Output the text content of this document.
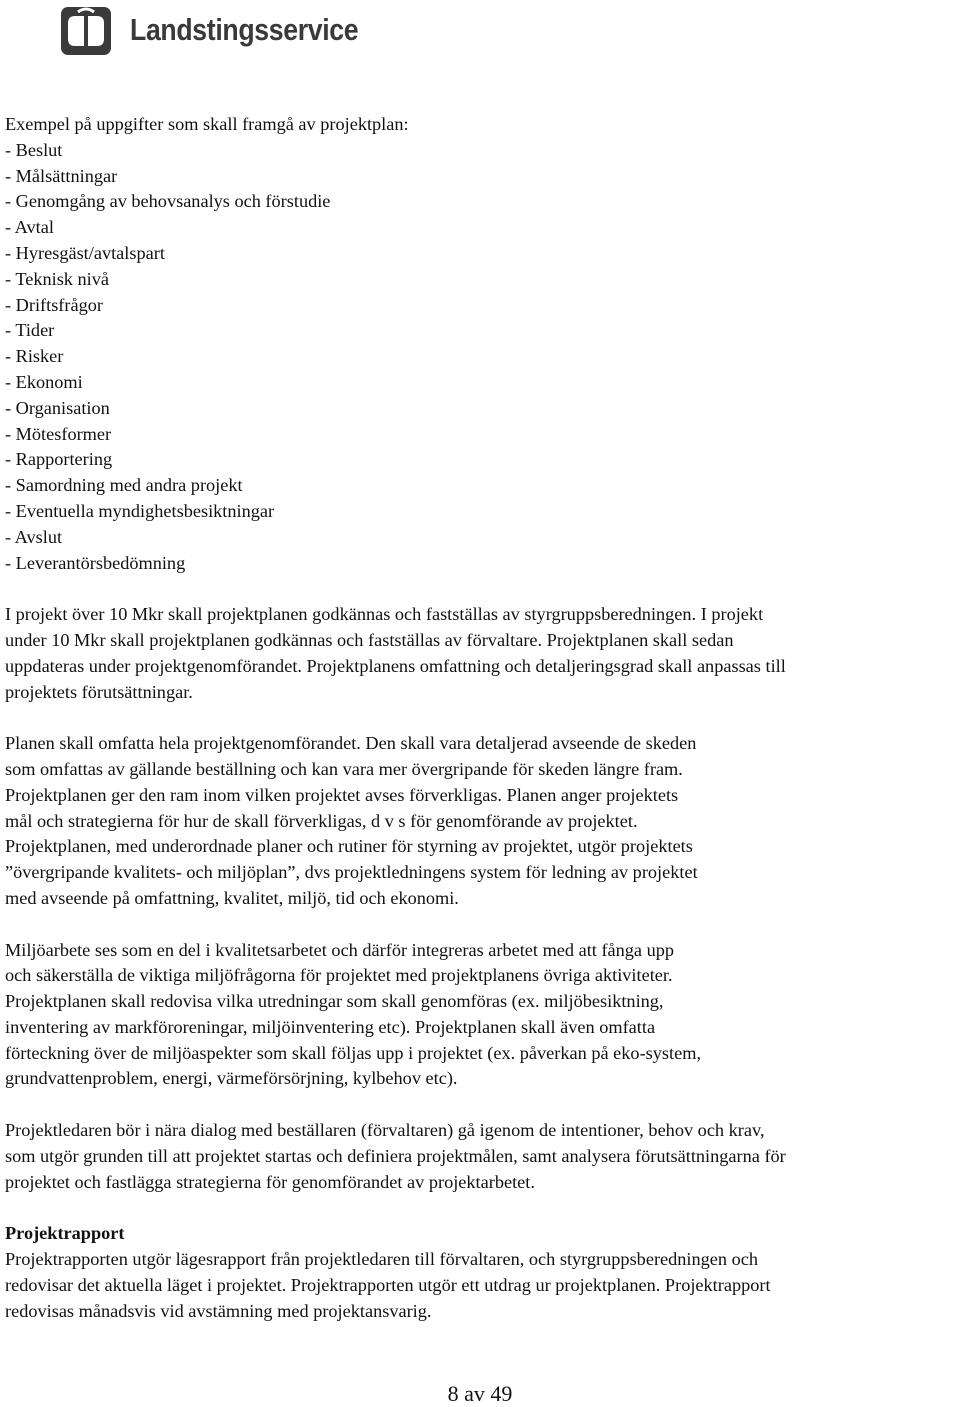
Landstingsservice
Exempel på uppgifter som skall framgå av projektplan:
- Beslut
- Målsättningar
- Genomgång av behovsanalys och förstudie
- Avtal
- Hyresgäst/avtalspart
- Teknisk nivå
- Driftsfrågor
- Tider
- Risker
- Ekonomi
- Organisation
- Mötesformer
- Rapportering
- Samordning med andra projekt
- Eventuella myndighetsbesiktningar
- Avslut
- Leverantörsbedömning
I projekt över 10 Mkr skall projektplanen godkännas och fastställas av styrgruppsberedningen. I projekt
under 10 Mkr skall projektplanen godkännas och fastställas av förvaltare. Projektplanen skall sedan
uppdateras under projektgenomförandet. Projektplanens omfattning och detaljeringsgrad skall anpassas till
projektets förutsättningar.
Planen skall omfatta hela projektgenomförandet. Den skall vara detaljerad avseende de skeden
som omfattas av gällande beställning och kan vara mer övergripande för skeden längre fram.
Projektplanen ger den ram inom vilken projektet avses förverkligas. Planen anger projektets
mål och strategierna för hur de skall förverkligas, d v s för genomförande av projektet.
Projektplanen, med underordnade planer och rutiner för styrning av projektet, utgör projektets
”övergripande kvalitets- och miljöplan”, dvs projektledningens system för ledning av projektet
med avseende på omfattning, kvalitet, miljö, tid och ekonomi.
Miljöarbete ses som en del i kvalitetsarbetet och därför integreras arbetet med att fånga upp
och säkerställa de viktiga miljöfrågorna för projektet med projektplanens övriga aktiviteter.
Projektplanen skall redovisa vilka utredningar som skall genomföras (ex. miljöbesiktning,
inventering av markföroreningar, miljöinventering etc). Projektplanen skall även omfatta
förteckning över de miljöaspekter som skall följas upp i projektet (ex. påverkan på eko-system,
grundvattenproblem, energi, värmeförsörjning, kylbehov etc).
Projektledaren bör i nära dialog med beställaren (förvaltaren) gå igenom de intentioner, behov och krav,
som utgör grunden till att projektet startas och definiera projektmålen, samt analysera förutsättningarna för
projektet och fastlägga strategierna för genomförandet av projektarbetet.
Projektrapport
Projektrapporten utgör lägesrapport från projektledaren till förvaltaren, och styrgruppsberedningen och
redovisar det aktuella läget i projektet. Projektrapporten utgör ett utdrag ur projektplanen. Projektrapport
redovisas månadsvis vid avstämning med projektansvarig.
8 av 49
